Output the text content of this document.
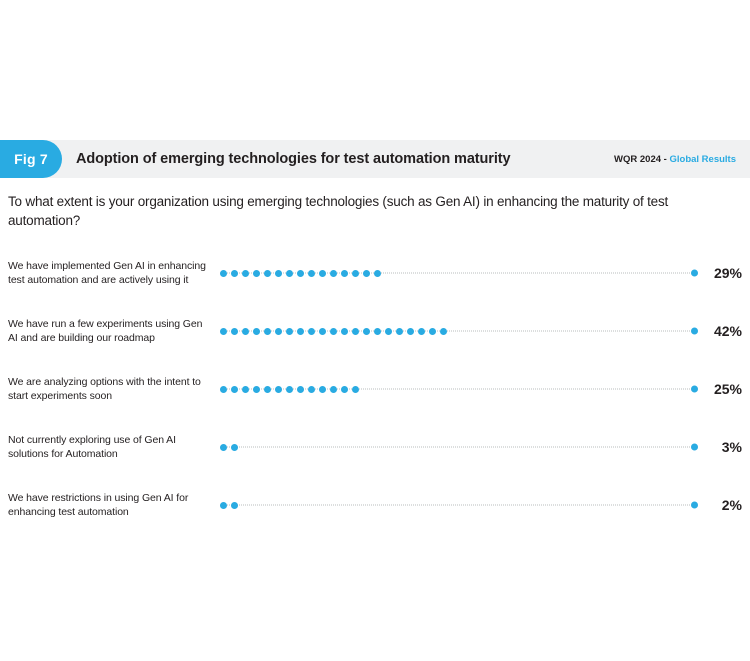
Fig 7	Adoption of emerging technologies for test automation maturity	WQR 2024 - Global Results
To what extent is your organization using emerging technologies (such as Gen AI) in enhancing the maturity of test automation?
We have implemented Gen AI in enhancing test automation and are actively using it	29%
We have run a few experiments using Gen AI and are building our roadmap	42%
We are analyzing options with the intent to start experiments soon	25%
Not currently exploring use of Gen AI solutions for Automation	3%
We have restrictions in using Gen AI for enhancing test automation	2%
